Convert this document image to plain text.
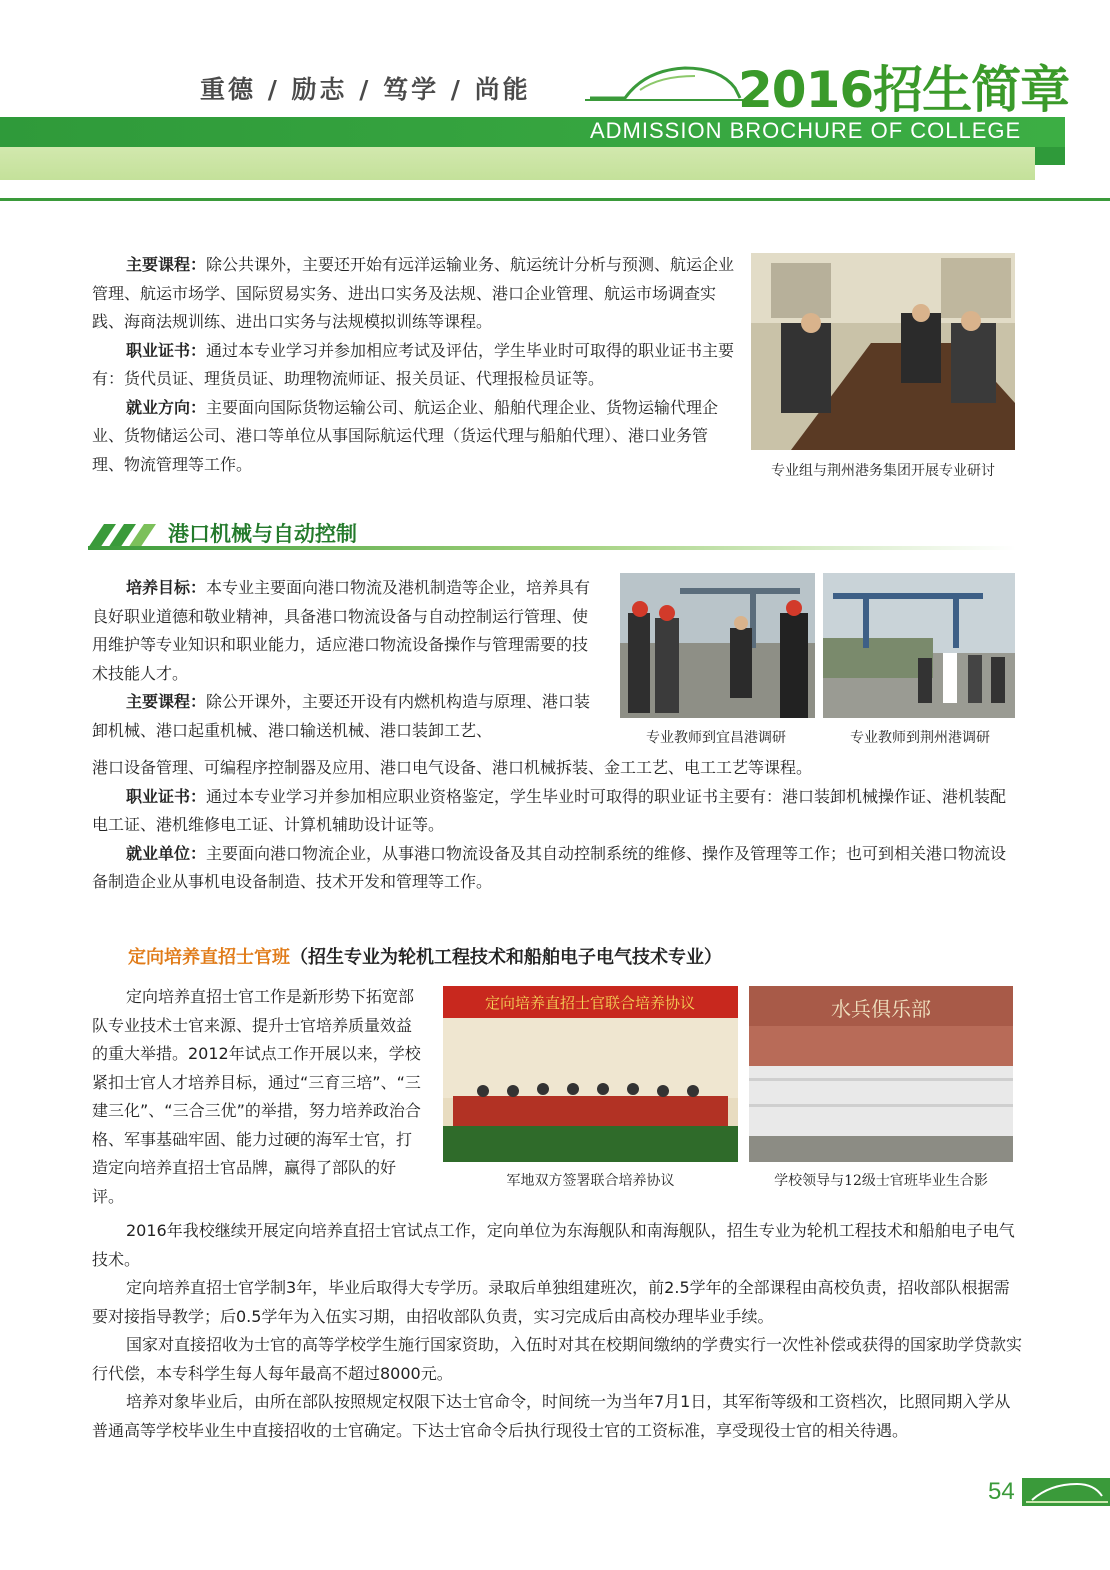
ADMISSION BROCHURE OF COLLEGE
重德 / 励志 / 笃学 / 尚能	2016招生简章
主要课程：除公共课外，主要还开始有远洋运输业务、航运统计分析与预测、航运企业管理、航运市场学、国际贸易实务、进出口实务及法规、港口企业管理、航运市场调查实践、海商法规训练、进出口实务与法规模拟训练等课程。
职业证书：通过本专业学习并参加相应考试及评估，学生毕业时可取得的职业证书主要有：货代员证、理货员证、助理物流师证、报关员证、代理报检员证等。
就业方向：主要面向国际货物运输公司、航运企业、船舶代理企业、货物运输代理企业、货物储运公司、港口等单位从事国际航运代理（货运代理与船舶代理）、港口业务管理、物流管理等工作。	专业组与荆州港务集团开展专业研讨
港口机械与自动控制
培养目标：本专业主要面向港口物流及港机制造等企业，培养具有良好职业道德和敬业精神，具备港口物流设备与自动控制运行管理、使用维护等专业知识和职业能力，适应港口物流设备操作与管理需要的技术技能人才。
主要课程：除公开课外，主要还开设有内燃机构造与原理、港口装卸机械、港口起重机械、港口输送机械、港口装卸工艺、
港口设备管理、可编程序控制器及应用、港口电气设备、港口机械拆装、金工工艺、电工工艺等课程。
职业证书：通过本专业学习并参加相应职业资格鉴定，学生毕业时可取得的职业证书主要有：港口装卸机械操作证、港机装配电工证、港机维修电工证、计算机辅助设计证等。
就业单位：主要面向港口物流企业，从事港口物流设备及其自动控制系统的维修、操作及管理等工作；也可到相关港口物流设备制造企业从事机电设备制造、技术开发和管理等工作。
专业教师到宜昌港调研	专业教师到荆州港调研
定向培养直招士官班（招生专业为轮机工程技术和船舶电子电气技术专业）
定向培养直招士官工作是新形势下拓宽部队专业技术士官来源、提升士官培养质量效益的重大举措。2012年试点工作开展以来，学校紧扣士官人才培养目标，通过“三育三培”、“三建三化”、“三合三优”的举措，努力培养政治合格、军事基础牢固、能力过硬的海军士官，打造定向培养直招士官品牌，赢得了部队的好评。
定向培养直招士官联合培养协议	水兵俱乐部
军地双方签署联合培养协议	学校领导与12级士官班毕业生合影
2016年我校继续开展定向培养直招士官试点工作，定向单位为东海舰队和南海舰队，招生专业为轮机工程技术和船舶电子电气技术。
定向培养直招士官学制3年，毕业后取得大专学历。录取后单独组建班次，前2.5学年的全部课程由高校负责，招收部队根据需要对接指导教学；后0.5学年为入伍实习期，由招收部队负责，实习完成后由高校办理毕业手续。
国家对直接招收为士官的高等学校学生施行国家资助，入伍时对其在校期间缴纳的学费实行一次性补偿或获得的国家助学贷款实行代偿，本专科学生每人每年最高不超过8000元。
培养对象毕业后，由所在部队按照规定权限下达士官命令，时间统一为当年7月1日，其军衔等级和工资档次，比照同期入学从普通高等学校毕业生中直接招收的士官确定。下达士官命令后执行现役士官的工资标准，享受现役士官的相关待遇。
54
